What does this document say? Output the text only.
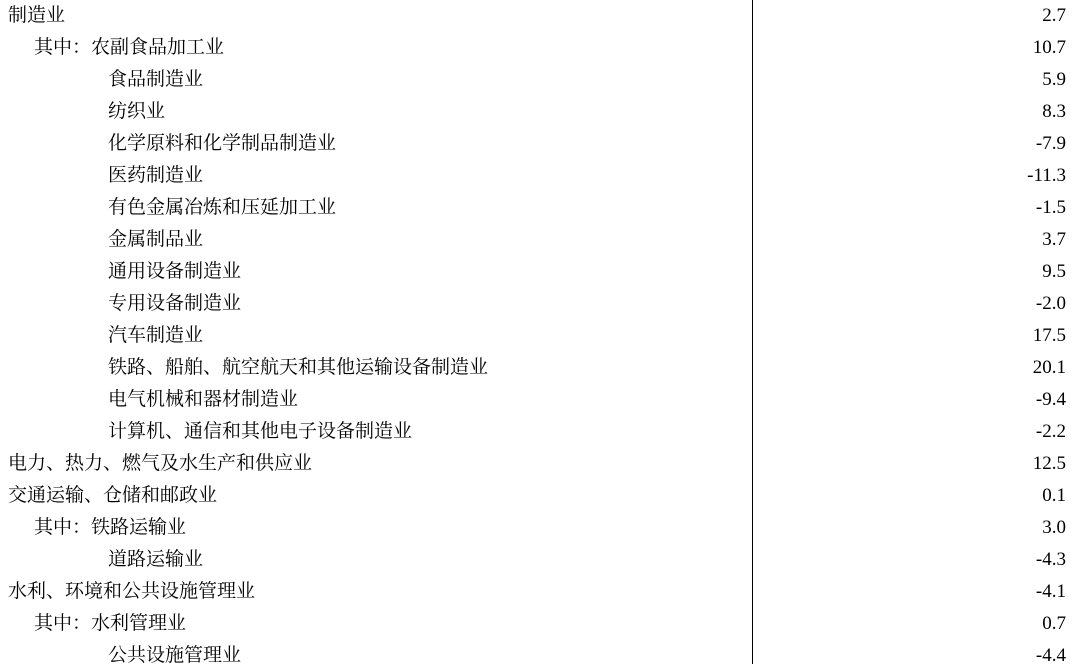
制造业	2.7
其中：农副食品加工业	10.7
食品制造业	5.9
纺织业	8.3
化学原料和化学制品制造业	-7.9
医药制造业	-11.3
有色金属冶炼和压延加工业	-1.5
金属制品业	3.7
通用设备制造业	9.5
专用设备制造业	-2.0
汽车制造业	17.5
铁路、船舶、航空航天和其他运输设备制造业	20.1
电气机械和器材制造业	-9.4
计算机、通信和其他电子设备制造业	-2.2
电力、热力、燃气及水生产和供应业	12.5
交通运输、仓储和邮政业	0.1
其中：铁路运输业	3.0
道路运输业	-4.3
水利、环境和公共设施管理业	-4.1
其中：水利管理业	0.7
公共设施管理业	-4.4
